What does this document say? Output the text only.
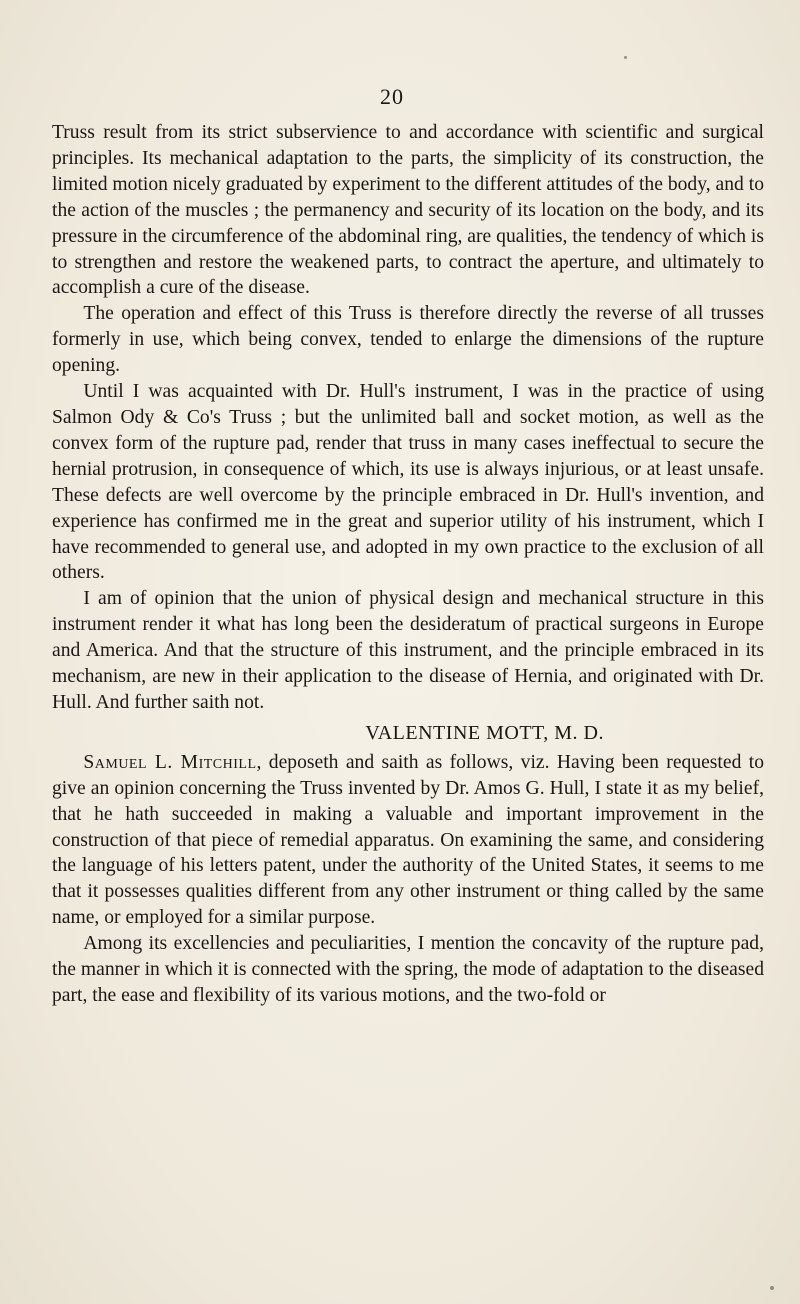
20

Truss result from its strict subservience to and accordance with scientific and surgical principles. Its mechanical adaptation to the parts, the simplicity of its construction, the limited motion nicely graduated by experiment to the different attitudes of the body, and to the action of the muscles ; the permanency and security of its location on the body, and its pressure in the circumference of the abdominal ring, are qualities, the tendency of which is to strengthen and restore the weakened parts, to contract the aperture, and ultimately to accomplish a cure of the disease.

The operation and effect of this Truss is therefore directly the reverse of all trusses formerly in use, which being convex, tended to enlarge the dimensions of the rupture opening.

Until I was acquainted with Dr. Hull's instrument, I was in the practice of using Salmon Ody & Co's Truss ; but the unlimited ball and socket motion, as well as the convex form of the rupture pad, render that truss in many cases ineffectual to secure the hernial protrusion, in consequence of which, its use is always injurious, or at least unsafe. These defects are well overcome by the principle embraced in Dr. Hull's invention, and experience has confirmed me in the great and superior utility of his instrument, which I have recommended to general use, and adopted in my own practice to the exclusion of all others.

I am of opinion that the union of physical design and mechanical structure in this instrument render it what has long been the desideratum of practical surgeons in Europe and America. And that the structure of this instrument, and the principle embraced in its mechanism, are new in their application to the disease of Hernia, and originated with Dr. Hull. And further saith not.

VALENTINE MOTT, M. D.

Samuel L. Mitchill, deposeth and saith as follows, viz. Having been requested to give an opinion concerning the Truss invented by Dr. Amos G. Hull, I state it as my belief, that he hath succeeded in making a valuable and important improvement in the construction of that piece of remedial apparatus. On examining the same, and considering the language of his letters patent, under the authority of the United States, it seems to me that it possesses qualities different from any other instrument or thing called by the same name, or employed for a similar purpose.

Among its excellencies and peculiarities, I mention the concavity of the rupture pad, the manner in which it is connected with the spring, the mode of adaptation to the diseased part, the ease and flexibility of its various motions, and the two-fold or
